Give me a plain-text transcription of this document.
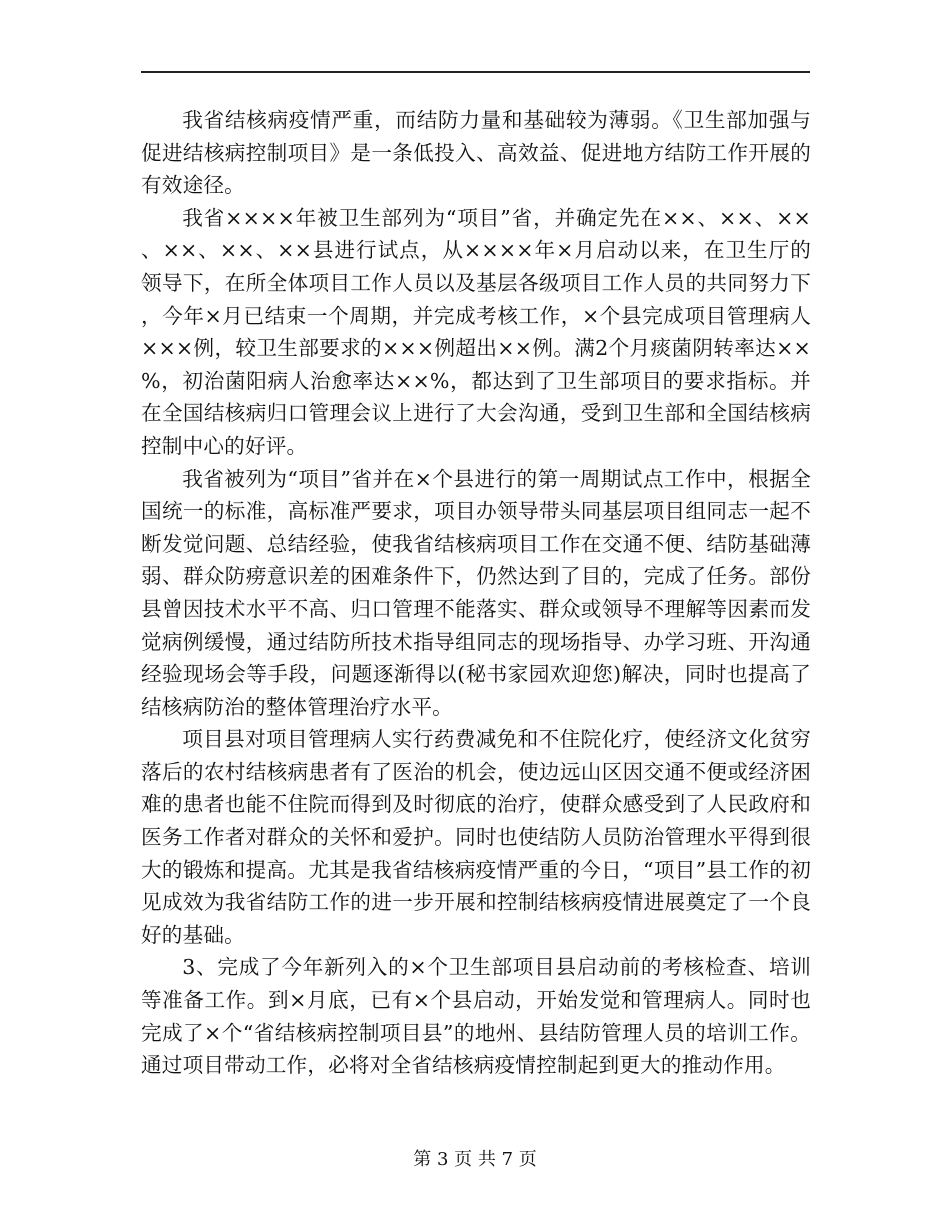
我省结核病疫情严重，而结防力量和基础较为薄弱。《卫生部加强与促进结核病控制项目》是一条低投入、高效益、促进地方结防工作开展的有效途径。

我省××××年被卫生部列为“项目”省，并确定先在××、××、××、××、××、××县进行试点，从××××年×月启动以来，在卫生厅的领导下，在所全体项目工作人员以及基层各级项目工作人员的共同努力下，今年×月已结束一个周期，并完成考核工作，×个县完成项目管理病人×××例，较卫生部要求的×××例超出××例。满2个月痰菌阴转率达××%，初治菌阳病人治愈率达××%，都达到了卫生部项目的要求指标。并在全国结核病归口管理会议上进行了大会沟通，受到卫生部和全国结核病控制中心的好评。

我省被列为“项目”省并在×个县进行的第一周期试点工作中，根据全国统一的标准，高标准严要求，项目办领导带头同基层项目组同志一起不断发觉问题、总结经验，使我省结核病项目工作在交通不便、结防基础薄弱、群众防痨意识差的困难条件下，仍然达到了目的，完成了任务。部份县曾因技术水平不高、归口管理不能落实、群众或领导不理解等因素而发觉病例缓慢，通过结防所技术指导组同志的现场指导、办学习班、开沟通经验现场会等手段，问题逐渐得以(秘书家园欢迎您)解决，同时也提高了结核病防治的整体管理治疗水平。

项目县对项目管理病人实行药费减免和不住院化疗，使经济文化贫穷落后的农村结核病患者有了医治的机会，使边远山区因交通不便或经济困难的患者也能不住院而得到及时彻底的治疗，使群众感受到了人民政府和医务工作者对群众的关怀和爱护。同时也使结防人员防治管理水平得到很大的锻炼和提高。尤其是我省结核病疫情严重的今日，“项目”县工作的初见成效为我省结防工作的进一步开展和控制结核病疫情进展奠定了一个良好的基础。

3、完成了今年新列入的×个卫生部项目县启动前的考核检查、培训等准备工作。到×月底，已有×个县启动，开始发觉和管理病人。同时也完成了×个“省结核病控制项目县”的地州、县结防管理人员的培训工作。通过项目带动工作，必将对全省结核病疫情控制起到更大的推动作用。

第 3 页 共 7 页
